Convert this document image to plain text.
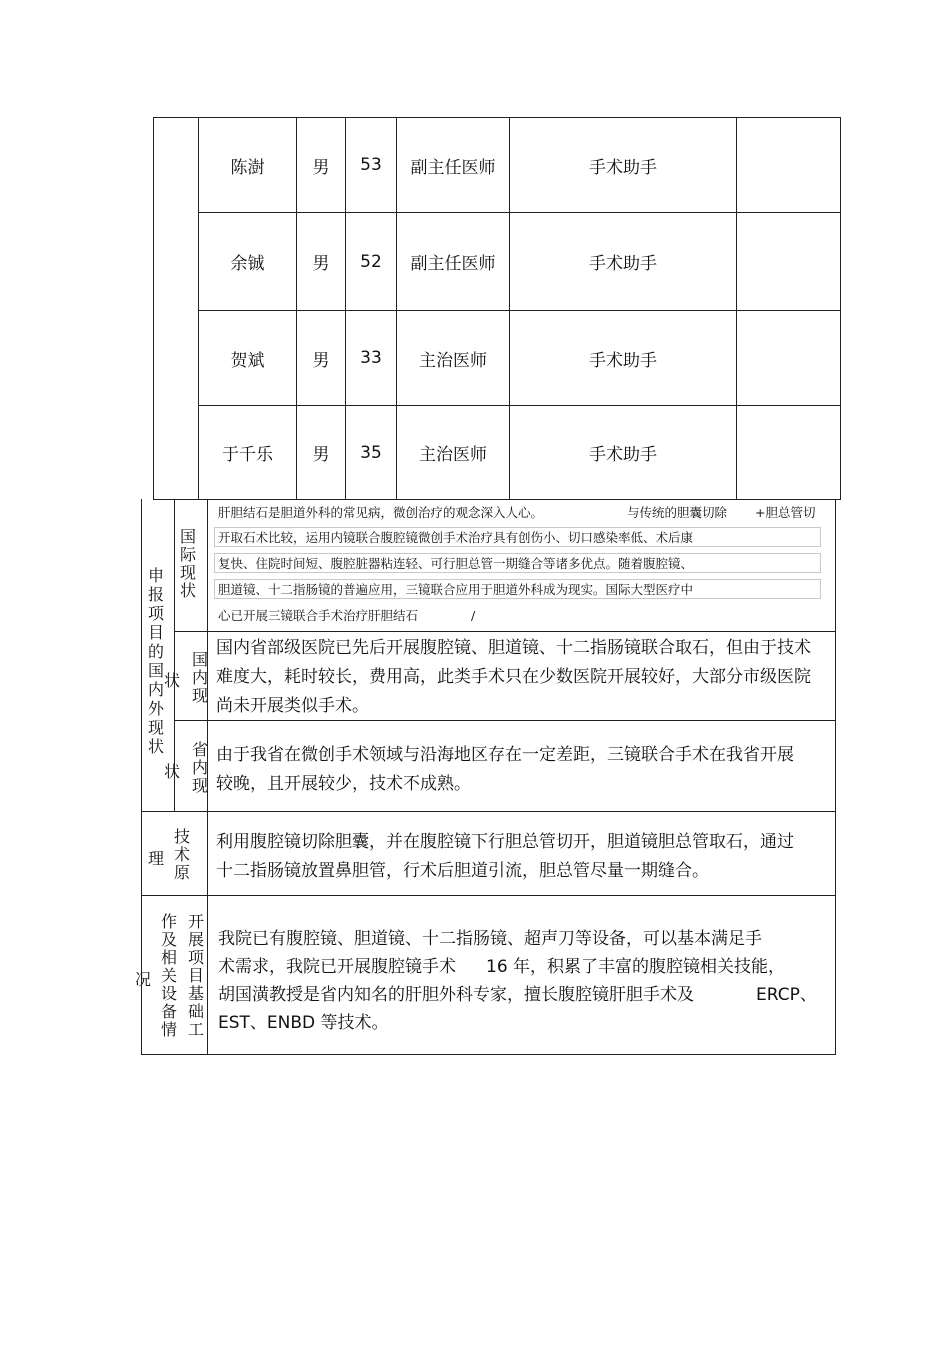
陈澍	男	53	副主任医师	手术助手
余铖	男	52	副主任医师	手术助手
贺斌	男	33	主治医师	手术助手
于千乐	男	35	主治医师	手术助手
申报项目的国内外现状
国际现状
肝胆结石是胆道外科的常见病，微创治疗的观念深入人心。	与传统的胆囊切除 +胆总管切
开取石术比较，运用内镜联合腹腔镜微创手术治疗具有创伤小、切口感染率低、术后康
复快、住院时间短、腹腔脏器粘连轻、可行胆总管一期缝合等诸多优点。随着腹腔镜、
胆道镜、十二指肠镜的普遍应用，三镜联合应用于胆道外科成为现实。国际大型医疗中
心已开展三镜联合手术治疗肝胆结石	/
国内现
状
国内省部级医院已先后开展腹腔镜、胆道镜、十二指肠镜联合取石，但由于技术难度大，耗时较长，费用高，此类手术只在少数医院开展较好，大部分市级医院尚未开展类似手术。
省内现
状
由于我省在微创手术领域与沿海地区存在一定差距，三镜联合手术在我省开展较晚，且开展较少，技术不成熟。
技术原
理
利用腹腔镜切除胆囊，并在腹腔镜下行胆总管切开，胆道镜胆总管取石，通过十二指肠镜放置鼻胆管，行术后胆道引流，胆总管尽量一期缝合。
开展项目基础工
作及相关设备情
况
我院已有腹腔镜、胆道镜、十二指肠镜、超声刀等设备，可以基本满足手
术需求，我院已开展腹腔镜手术 16 年，积累了丰富的腹腔镜相关技能，
胡国潢教授是省内知名的肝胆外科专家，擅长腹腔镜肝胆手术及	ERCP、
EST、ENBD 等技术。
